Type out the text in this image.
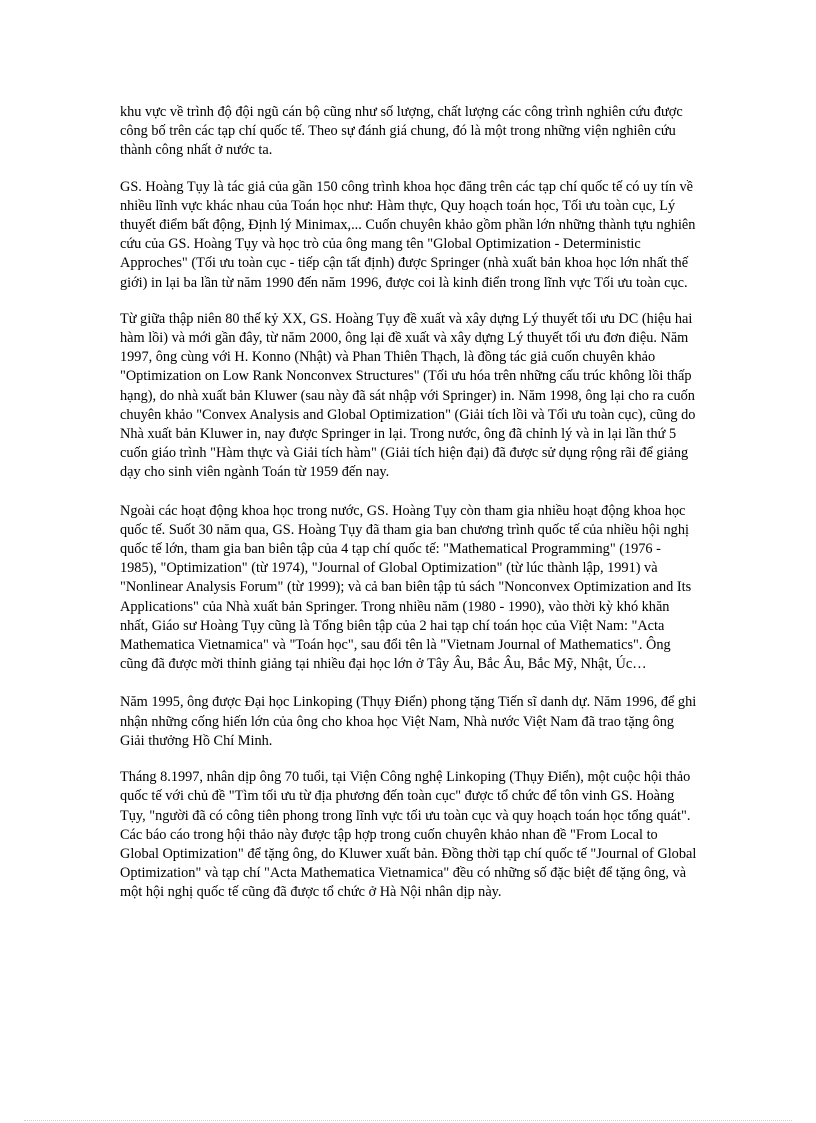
khu vực về trình độ đội ngũ cán bộ cũng như số lượng, chất lượng các công trình nghiên cứu được công bố trên các tạp chí quốc tế. Theo sự đánh giá chung, đó là một trong những viện nghiên cứu thành công nhất ở nước ta.

GS. Hoàng Tụy là tác giả của gần 150 công trình khoa học đăng trên các tạp chí quốc tế có uy tín về nhiều lĩnh vực khác nhau của Toán học như: Hàm thực, Quy hoạch toán học, Tối ưu toàn cục, Lý thuyết điểm bất động, Định lý Minimax,... Cuốn chuyên khảo gồm phần lớn những thành tựu nghiên cứu của GS. Hoàng Tụy và học trò của ông mang tên "Global Optimization - Deterministic Approches" (Tối ưu toàn cục - tiếp cận tất định) được Springer (nhà xuất bản khoa học lớn nhất thế giới) in lại ba lần từ năm 1990 đến năm 1996, được coi là kinh điển trong lĩnh vực Tối ưu toàn cục.

Từ giữa thập niên 80 thế kỷ XX, GS. Hoàng Tụy đề xuất và xây dựng Lý thuyết tối ưu DC (hiệu hai hàm lồi) và mới gần đây, từ năm 2000, ông lại đề xuất và xây dựng Lý thuyết tối ưu đơn điệu. Năm 1997, ông cùng với H. Konno (Nhật) và Phan Thiên Thạch, là đồng tác giả cuốn chuyên khảo "Optimization on Low Rank Nonconvex Structures" (Tối ưu hóa trên những cấu trúc không lồi thấp hạng), do nhà xuất bản Kluwer (sau này đã sát nhập với Springer) in. Năm 1998, ông lại cho ra cuốn chuyên khảo "Convex Analysis and Global Optimization" (Giải tích lồi và Tối ưu toàn cục), cũng do Nhà xuất bản Kluwer in, nay được Springer in lại. Trong nước, ông đã chỉnh lý và in lại lần thứ 5 cuốn giáo trình "Hàm thực và Giải tích hàm" (Giải tích hiện đại) đã được sử dụng rộng rãi để giảng dạy cho sinh viên ngành Toán từ 1959 đến nay.

Ngoài các hoạt động khoa học trong nước, GS. Hoàng Tụy còn tham gia nhiều hoạt động khoa học quốc tế. Suốt 30 năm qua, GS. Hoàng Tụy đã tham gia ban chương trình quốc tế của nhiều hội nghị quốc tế lớn, tham gia ban biên tập của 4 tạp chí quốc tế: "Mathematical Programming" (1976 - 1985), "Optimization" (từ 1974), "Journal of Global Optimization" (từ lúc thành lập, 1991) và "Nonlinear Analysis Forum" (từ 1999); và cả ban biên tập tủ sách "Nonconvex Optimization and Its Applications" của Nhà xuất bản Springer. Trong nhiều năm (1980 - 1990), vào thời kỳ khó khăn nhất, Giáo sư Hoàng Tụy cũng là Tổng biên tập của 2 hai tạp chí toán học của Việt Nam: "Acta Mathematica Vietnamica" và "Toán học", sau đổi tên là "Vietnam Journal of Mathematics". Ông cũng đã được mời thỉnh giảng tại nhiều đại học lớn ở Tây Âu, Bắc Âu, Bắc Mỹ, Nhật, Úc…

Năm 1995, ông được Đại học Linkoping (Thụy Điển) phong tặng Tiến sĩ danh dự. Năm 1996, để ghi nhận những cống hiến lớn của ông cho khoa học Việt Nam, Nhà nước Việt Nam đã trao tặng ông Giải thưởng Hồ Chí Minh.

Tháng 8.1997, nhân dịp ông 70 tuổi, tại Viện Công nghệ Linkoping (Thụy Điển), một cuộc hội thảo quốc tế với chủ đề "Tìm tối ưu từ địa phương đến toàn cục" được tổ chức để tôn vinh GS. Hoàng Tụy, "người đã có công tiên phong trong lĩnh vực tối ưu toàn cục và quy hoạch toán học tổng quát". Các báo cáo trong hội thảo này được tập hợp trong cuốn chuyên khảo nhan đề "From Local to Global Optimization" để tặng ông, do Kluwer xuất bản. Đồng thời tạp chí quốc tế "Journal of Global Optimization" và tạp chí "Acta Mathematica Vietnamica" đều có những số đặc biệt để tặng ông, và một hội nghị quốc tế cũng đã được tổ chức ở Hà Nội nhân dịp này.
